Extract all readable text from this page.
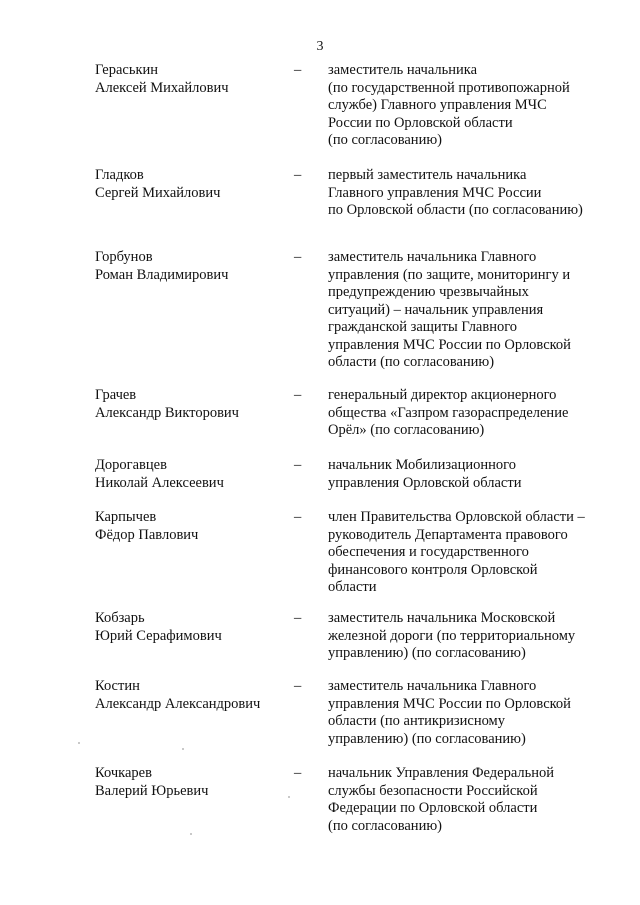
3
Гераськин
Алексей Михайлович
– заместитель начальника
(по государственной противопожарной
службе) Главного управления МЧС
России по Орловской области
(по согласованию)
Гладков
Сергей Михайлович
– первый заместитель начальника
Главного управления МЧС России
по Орловской области (по согласованию)
Горбунов
Роман Владимирович
– заместитель начальника Главного
управления (по защите, мониторингу и
предупреждению чрезвычайных
ситуаций) – начальник управления
гражданской защиты Главного
управления МЧС России по Орловской
области (по согласованию)
Грачев
Александр Викторович
– генеральный директор акционерного
общества «Газпром газораспределение
Орёл» (по согласованию)
Дорогавцев
Николай Алексеевич
– начальник Мобилизационного
управления Орловской области
Карпычев
Фёдор Павлович
– член Правительства Орловской области –
руководитель Департамента правового
обеспечения и государственного
финансового контроля Орловской
области
Кобзарь
Юрий Серафимович
– заместитель начальника Московской
железной дороги (по территориальному
управлению) (по согласованию)
Костин
Александр Александрович
– заместитель начальника Главного
управления МЧС России по Орловской
области (по антикризисному
управлению) (по согласованию)
Кочкарев
Валерий Юрьевич
– начальник Управления Федеральной
службы безопасности Российской
Федерации по Орловской области
(по согласованию)
